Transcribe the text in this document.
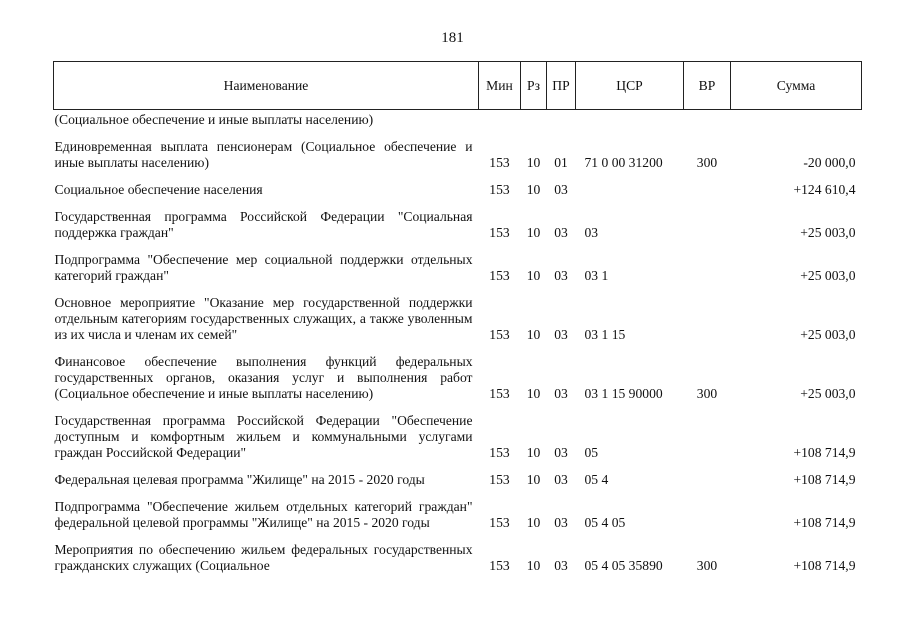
181
Наименование	Мин	Рз	ПР	ЦСР	ВР	Сумма
(Социальное обеспечение и иные выплаты населению)						
Единовременная выплата пенсионерам (Социальное обеспечение и иные выплаты населению)	153	10	01	71 0 00 31200	300	-20 000,0
Социальное обеспечение населения	153	10	03			+124 610,4
Государственная программа Российской Федерации "Социальная поддержка граждан"	153	10	03	03		+25 003,0
Подпрограмма "Обеспечение мер социальной поддержки отдельных категорий граждан"	153	10	03	03 1		+25 003,0
Основное мероприятие "Оказание мер государственной поддержки отдельным категориям государственных служащих, а также уволенным из их числа и членам их семей"	153	10	03	03 1 15		+25 003,0
Финансовое обеспечение выполнения функций федеральных государственных органов, оказания услуг и выполнения работ (Социальное обеспечение и иные выплаты населению)	153	10	03	03 1 15 90000	300	+25 003,0
Государственная программа Российской Федерации "Обеспечение доступным и комфортным жильем и коммунальными услугами граждан Российской Федерации"	153	10	03	05		+108 714,9
Федеральная целевая программа "Жилище" на 2015 - 2020 годы	153	10	03	05 4		+108 714,9
Подпрограмма "Обеспечение жильем отдельных категорий граждан" федеральной целевой программы "Жилище" на 2015 - 2020 годы	153	10	03	05 4 05		+108 714,9
Мероприятия по обеспечению жильем федеральных государственных гражданских служащих (Социальное	153	10	03	05 4 05 35890	300	+108 714,9
